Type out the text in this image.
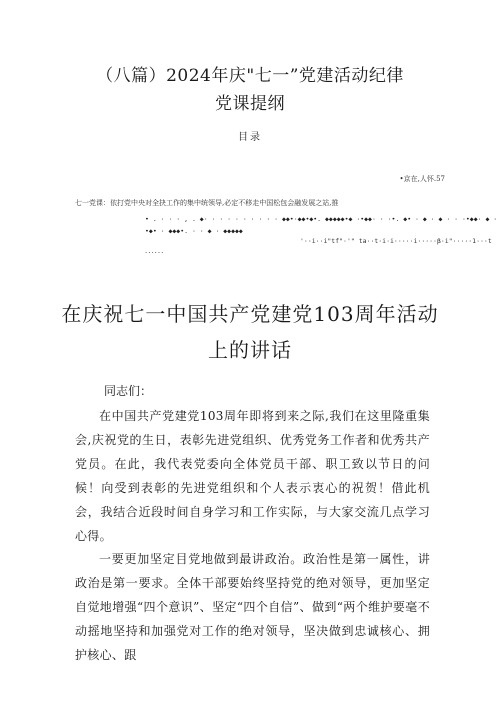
（八篇）2024年庆"七一”党建活动纪律
党课提纲
目录
•京在,人怀.57
七一党课：依打党中央对全抉工作的集中统领导,必定不移走中国松包会融发展之站,推
• . · · · , . ◆· · · · · · · · · · ◆◆•·◆◆•◆•. ◆◆◆◆◆•◆ ·•◆◆· · ·•. ◆• · ◆ · ◆ · · ·•◆◆· ◆ ·
•◆• · ◆◆◆•. · · ◆ · ◆◆◆◆◆
'··i··i"tf"·'" ta··t·i·i·····i·····β·i"·····1···t
......
在庆祝七一中国共产党建党103周年活动
上的讲话
同志们：
在中国共产党建党103周年即将到来之际,我们在这里隆重集会,庆祝党的生日，表彰先进党组织、优秀党务工作者和优秀共产党员。在此，我代表党委向全体党员干部、职工致以节日的问候！向受到表彰的先进党组织和个人表示衷心的祝贺！借此机会，我结合近段时间自身学习和工作实际，与大家交流几点学习心得。
一要更加坚定目党地做到最讲政治。政治性是第一属性，讲政治是第一要求。全体干部要始终坚持党的绝对领导，更加坚定自觉地增强“四个意识”、坚定“四个自信”、做到“两个维护要毫不动摇地坚持和加强党对工作的绝对领导，坚决做到忠诚核心、拥护核心、跟
